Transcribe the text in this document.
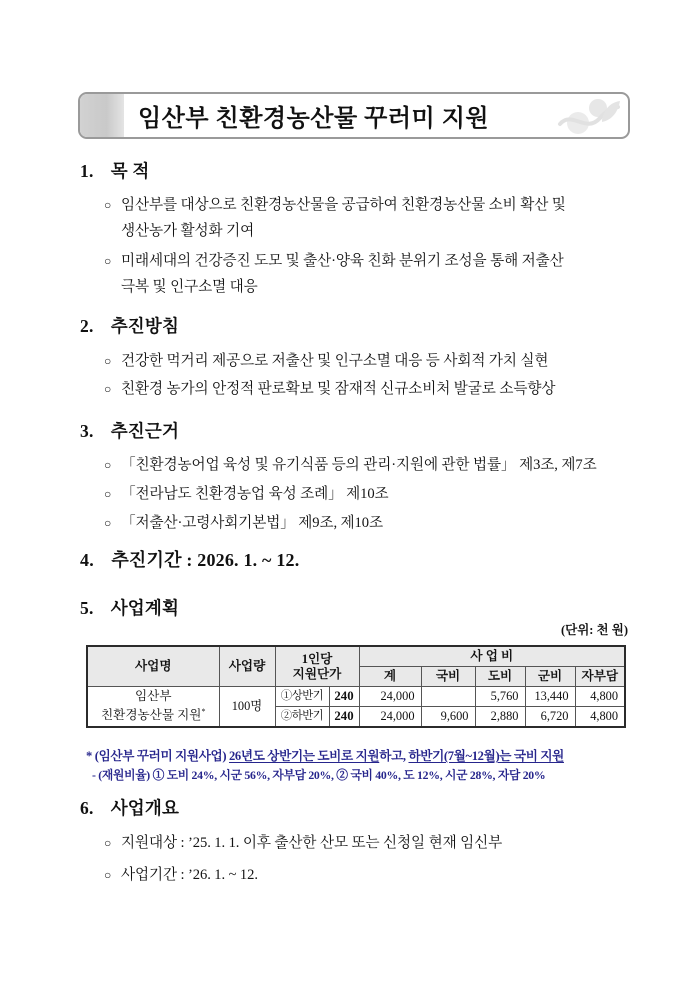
임산부 친환경농산물 꾸러미 지원
1. 목 적
○ 임산부를 대상으로 친환경농산물을 공급하여 친환경농산물 소비 확산 및
생산농가 활성화 기여
○ 미래세대의 건강증진 도모 및 출산·양육 친화 분위기 조성을 통해 저출산
극복 및 인구소멸 대응
2. 추진방침
○ 건강한 먹거리 제공으로 저출산 및 인구소멸 대응 등 사회적 가치 실현
○ 친환경 농가의 안정적 판로확보 및 잠재적 신규소비처 발굴로 소득향상
3. 추진근거
○ 「친환경농어업 육성 및 유기식품 등의 관리·지원에 관한 법률」 제3조, 제7조
○ 「전라남도 친환경농업 육성 조례」 제10조
○ 「저출산·고령사회기본법」 제9조, 제10조
4. 추진기간 : 2026. 1. ~ 12.
5. 사업계획
(단위: 천 원)
사업명	사업량	1인당
지원단가		사 업 비				
				계	국비	도비	군비	자부담
임산부
친환경농산물 지원*	100명	①상반기	240	24,000		5,760	13,440	4,800
		②하반기	240	24,000	9,600	2,880	6,720	4,800
* (임산부 꾸러미 지원사업) 26년도 상반기는 도비로 지원하고, 하반기(7월~12월)는 국비 지원
- (재원비율) ① 도비 24%, 시군 56%, 자부담 20%, ② 국비 40%, 도 12%, 시군 28%, 자담 20%
6. 사업개요
○ 지원대상 : ’25. 1. 1. 이후 출산한 산모 또는 신청일 현재 임신부
○ 사업기간 : ’26. 1. ~ 12.
